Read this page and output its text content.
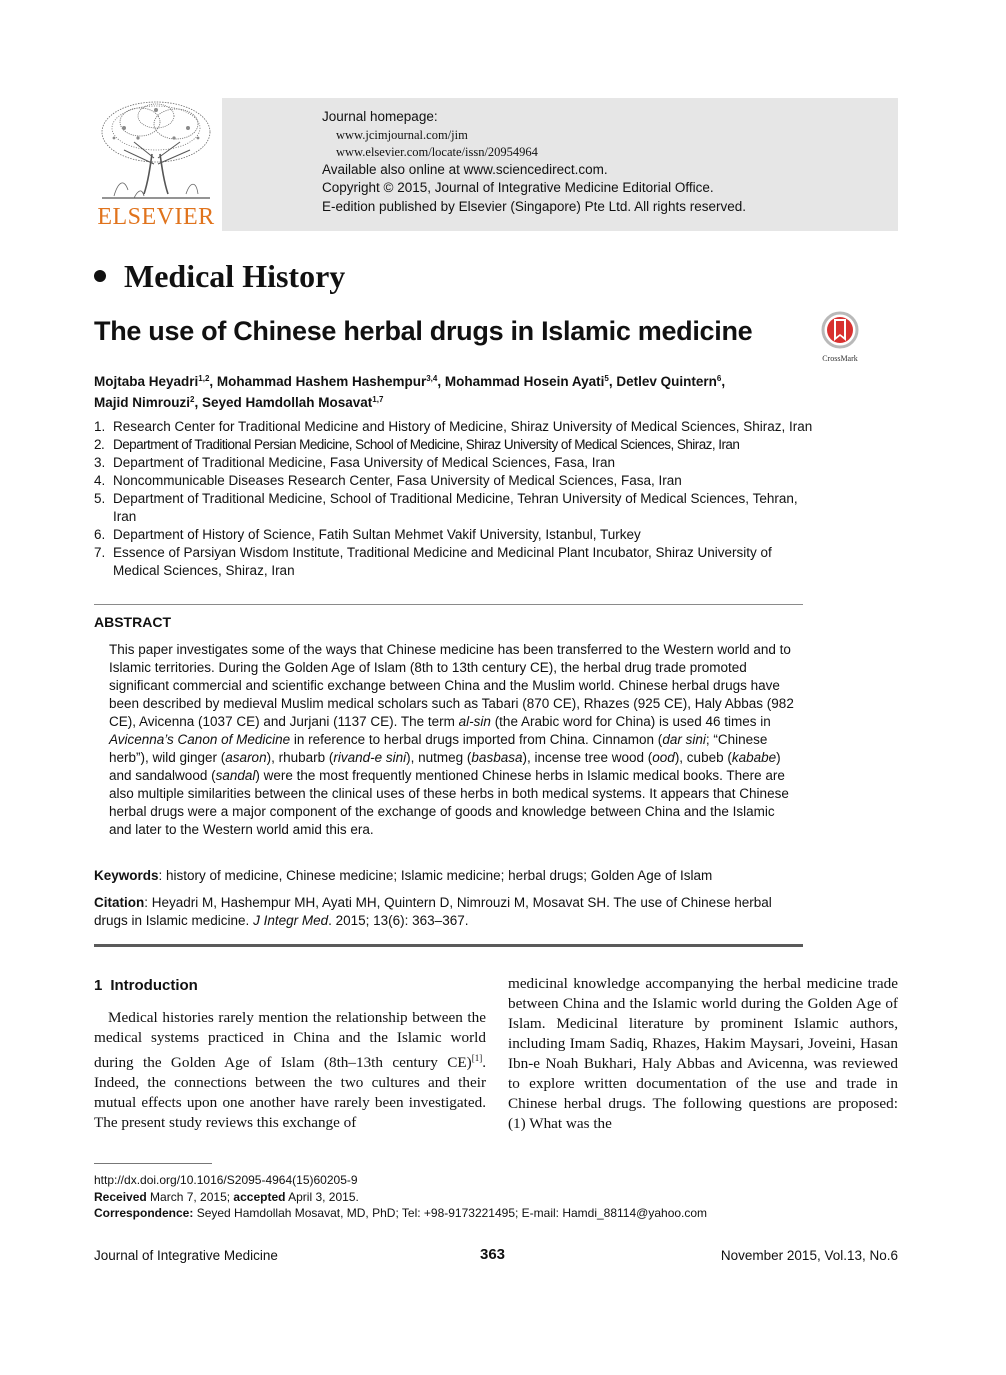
ELSEVIER
Journal homepage:
www.jcimjournal.com/jim
www.elsevier.com/locate/issn/20954964
Available also online at www.sciencedirect.com.
Copyright © 2015, Journal of Integrative Medicine Editorial Office.
E-edition published by Elsevier (Singapore) Pte Ltd. All rights reserved.
Medical History
The use of Chinese herbal drugs in Islamic medicine
CrossMark
Mojtaba Heyadri$^{1,2}$, Mohammad Hashem Hashempur$^{3,4}$, Mohammad Hosein Ayati$^5$, Detlev Quintern$^6$,
Majid Nimrouzi$^2$, Seyed Hamdollah Mosavat$^{1,7}$
1. Research Center for Traditional Medicine and History of Medicine, Shiraz University of Medical Sciences, Shiraz, Iran
2. Department of Traditional Persian Medicine, School of Medicine, Shiraz University of Medical Sciences, Shiraz, Iran
3. Department of Traditional Medicine, Fasa University of Medical Sciences, Fasa, Iran
4. Noncommunicable Diseases Research Center, Fasa University of Medical Sciences, Fasa, Iran
5. Department of Traditional Medicine, School of Traditional Medicine, Tehran University of Medical Sciences, Tehran, Iran
6. Department of History of Science, Fatih Sultan Mehmet Vakif University, Istanbul, Turkey
7. Essence of Parsiyan Wisdom Institute, Traditional Medicine and Medicinal Plant Incubator, Shiraz University of Medical Sciences, Shiraz, Iran
ABSTRACT
This paper investigates some of the ways that Chinese medicine has been transferred to the Western world and to Islamic territories. During the Golden Age of Islam (8th to 13th century CE), the herbal drug trade promoted significant commercial and scientific exchange between China and the Muslim world. Chinese herbal drugs have been described by medieval Muslim medical scholars such as Tabari (870 CE), Rhazes (925 CE), Haly Abbas (982 CE), Avicenna (1037 CE) and Jurjani (1137 CE). The term al-sin (the Arabic word for China) is used 46 times in Avicenna’s Canon of Medicine in reference to herbal drugs imported from China. Cinnamon (dar sini; “Chinese herb”), wild ginger (asaron), rhubarb (rivand-e sini), nutmeg (basbasa), incense tree wood (ood), cubeb (kababe) and sandalwood (sandal) were the most frequently mentioned Chinese herbs in Islamic medical books. There are also multiple similarities between the clinical uses of these herbs in both medical systems. It appears that Chinese herbal drugs were a major component of the exchange of goods and knowledge between China and the Islamic and later to the Western world amid this era.
Keywords: history of medicine, Chinese medicine; Islamic medicine; herbal drugs; Golden Age of Islam
Citation: Heyadri M, Hashempur MH, Ayati MH, Quintern D, Nimrouzi M, Mosavat SH. The use of Chinese herbal drugs in Islamic medicine. J Integr Med. 2015; 13(6): 363–367.
1 Introduction

Medical histories rarely mention the relationship between the medical systems practiced in China and the Islamic world during the Golden Age of Islam (8th–13th century CE)[1]. Indeed, the connections between the two cultures and their mutual effects upon one another have rarely been investigated. The present study reviews this exchange of

medicinal knowledge accompanying the herbal medicine trade between China and the Islamic world during the Golden Age of Islam. Medicinal literature by prominent Islamic authors, including Imam Sadiq, Rhazes, Hakim Maysari, Joveini, Hasan Ibn-e Noah Bukhari, Haly Abbas and Avicenna, was reviewed to explore written documentation of the use and trade in Chinese herbal drugs. The following questions are proposed: (1) What was the

http://dx.doi.org/10.1016/S2095-4964(15)60205-9
Received March 7, 2015; accepted April 3, 2015.
Correspondence: Seyed Hamdollah Mosavat, MD, PhD; Tel: +98-9173221495; E-mail: Hamdi_88114@yahoo.com
Journal of Integrative Medicine	363	November 2015, Vol.13, No.6
